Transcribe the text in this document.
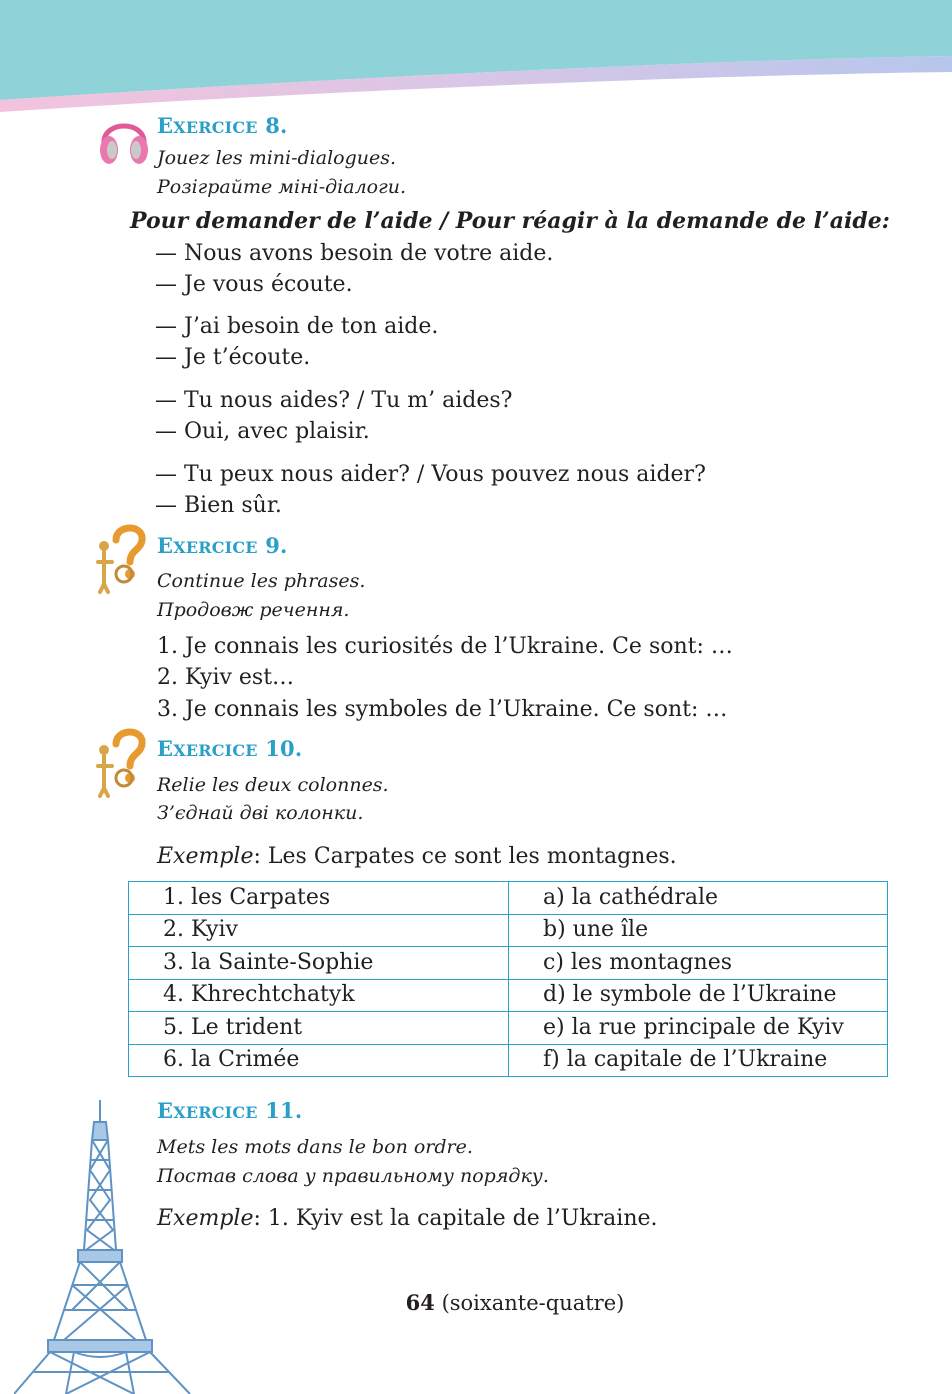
EXERCICE 8.
Jouez les mini-dialogues.
Розіграйте міні-діалоги.
Pour demander de l’aide / Pour réagir à la demande de l’aide:
— Nous avons besoin de votre aide.
— Je vous écoute.
— J’ai besoin de ton aide.
— Je t’écoute.
— Tu nous aides? / Tu m’ aides?
— Oui, avec plaisir.
— Tu peux nous aider? / Vous pouvez nous aider?
— Bien sûr.
EXERCICE 9.
Continue les phrases.
Продовж речення.
1. Je connais les curiosités de l’Ukraine. Ce sont: …
2. Kyiv est…
3. Je connais les symboles de l’Ukraine. Ce sont: …
EXERCICE 10.
Relie les deux colonnes.
З’єднай дві колонки.
Exemple: Les Carpates ce sont les montagnes.
1. les Carpates	a) la cathédrale
2. Kyiv	b) une île
3. la Sainte-Sophie	c) les montagnes
4. Khrechtchatyk	d) le symbole de l’Ukraine
5. Le trident	e) la rue principale de Kyiv
6. la Crimée	f) la capitale de l’Ukraine
EXERCICE 11.
Mets les mots dans le bon ordre.
Постав слова у правильному порядку.
Exemple: 1. Kyiv est la capitale de l’Ukraine.
64 (soixante-quatre)
